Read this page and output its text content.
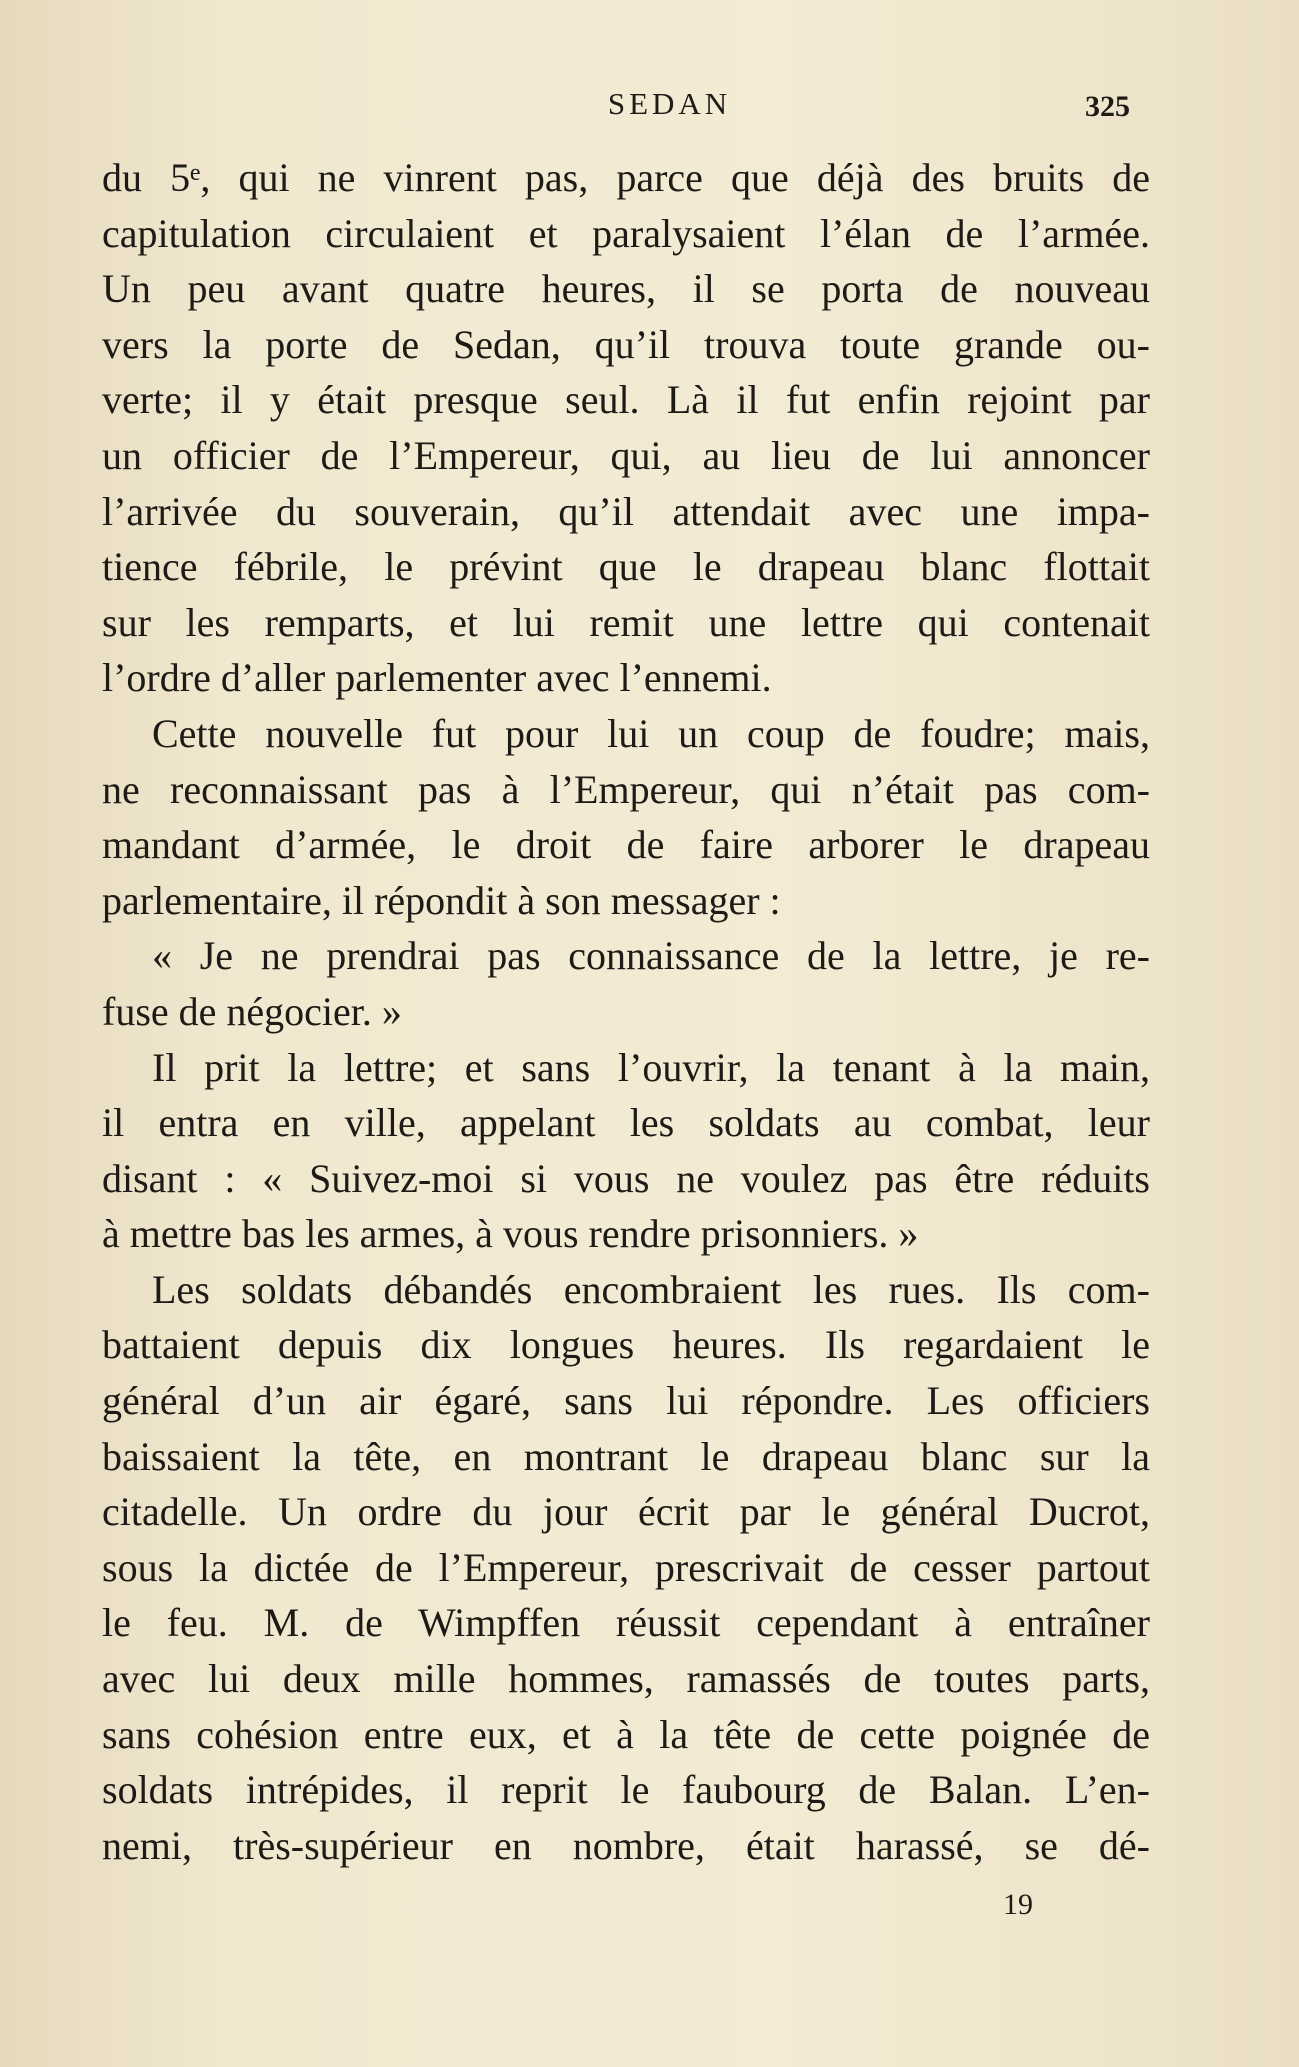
SEDAN	325
du 5ᵉ, qui ne vinrent pas, parce que déjà des bruits de
capitulation circulaient et paralysaient l’élan de l’armée.
Un peu avant quatre heures, il se porta de nouveau
vers la porte de Sedan, qu’il trouva toute grande ou-
verte; il y était presque seul. Là il fut enfin rejoint par
un officier de l’Empereur, qui, au lieu de lui annoncer
l’arrivée du souverain, qu’il attendait avec une impa-
tience fébrile, le prévint que le drapeau blanc flottait
sur les remparts, et lui remit une lettre qui contenait
l’ordre d’aller parlementer avec l’ennemi.
Cette nouvelle fut pour lui un coup de foudre; mais,
ne reconnaissant pas à l’Empereur, qui n’était pas com-
mandant d’armée, le droit de faire arborer le drapeau
parlementaire, il répondit à son messager :
« Je ne prendrai pas connaissance de la lettre, je re-
fuse de négocier. »
Il prit la lettre; et sans l’ouvrir, la tenant à la main,
il entra en ville, appelant les soldats au combat, leur
disant : « Suivez-moi si vous ne voulez pas être réduits
à mettre bas les armes, à vous rendre prisonniers. »
Les soldats débandés encombraient les rues. Ils com-
battaient depuis dix longues heures. Ils regardaient le
général d’un air égaré, sans lui répondre. Les officiers
baissaient la tête, en montrant le drapeau blanc sur la
citadelle. Un ordre du jour écrit par le général Ducrot,
sous la dictée de l’Empereur, prescrivait de cesser partout
le feu. M. de Wimpffen réussit cependant à entraîner
avec lui deux mille hommes, ramassés de toutes parts,
sans cohésion entre eux, et à la tête de cette poignée de
soldats intrépides, il reprit le faubourg de Balan. L’en-
nemi, très-supérieur en nombre, était harassé, se dé-
19
